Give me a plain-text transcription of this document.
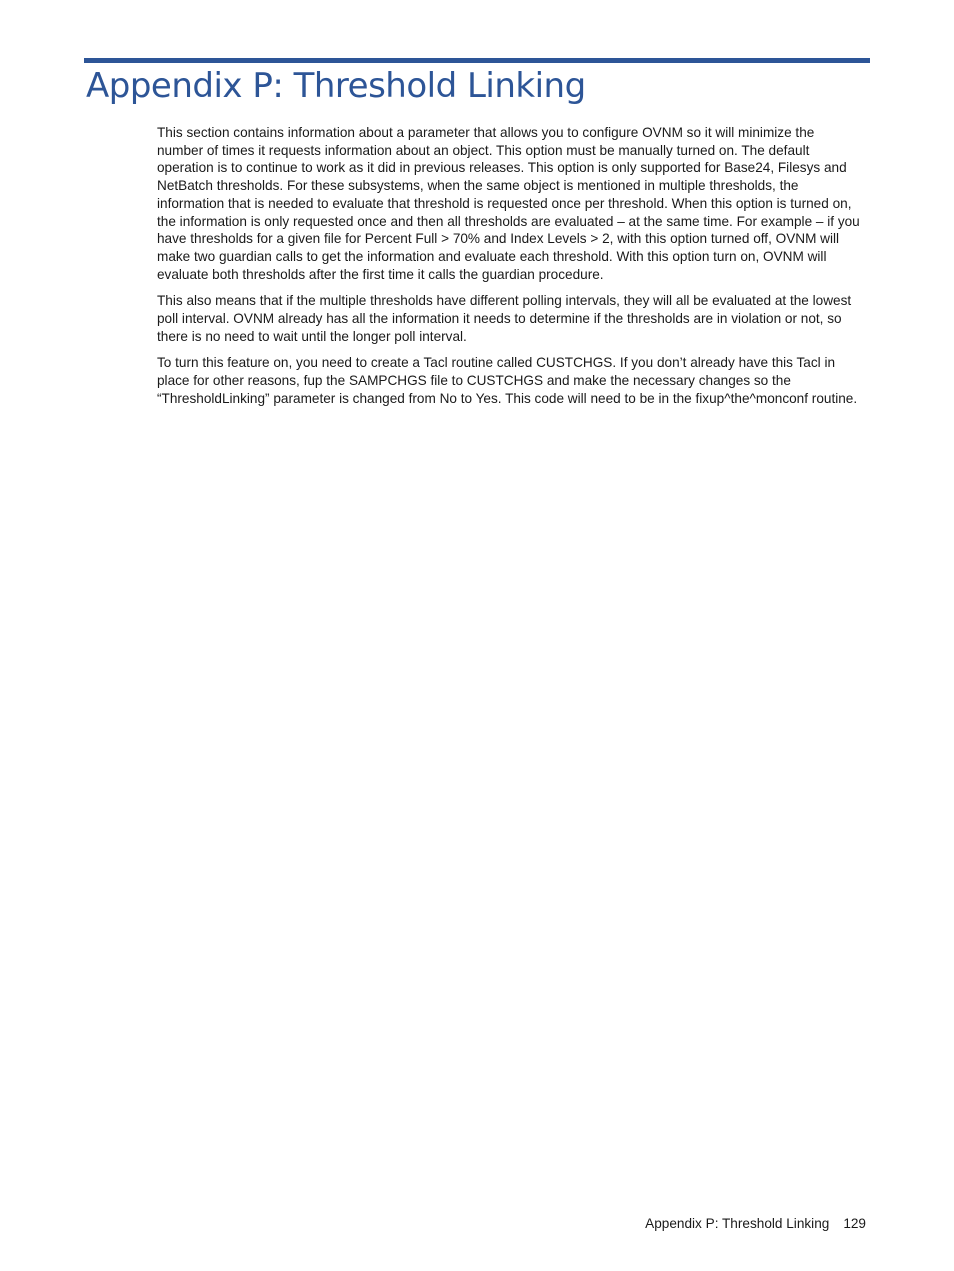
Appendix P: Threshold Linking

This section contains information about a parameter that allows you to configure OVNM so it will minimize the number of times it requests information about an object. This option must be manually turned on. The default operation is to continue to work as it did in previous releases. This option is only supported for Base24, Filesys and NetBatch thresholds. For these subsystems, when the same object is mentioned in multiple thresholds, the information that is needed to evaluate that threshold is requested once per threshold. When this option is turned on, the information is only requested once and then all thresholds are evaluated – at the same time. For example – if you have thresholds for a given file for Percent Full > 70% and Index Levels > 2, with this option turned off, OVNM will make two guardian calls to get the information and evaluate each threshold. With this option turn on, OVNM will evaluate both thresholds after the first time it calls the guardian procedure.

This also means that if the multiple thresholds have different polling intervals, they will all be evaluated at the lowest poll interval. OVNM already has all the information it needs to determine if the thresholds are in violation or not, so there is no need to wait until the longer poll interval.

To turn this feature on, you need to create a Tacl routine called CUSTCHGS. If you don’t already have this Tacl in place for other reasons, fup the SAMPCHGS file to CUSTCHGS and make the necessary changes so the “ThresholdLinking” parameter is changed from No to Yes. This code will need to be in the fixup^the^monconf routine.

Appendix P: Threshold Linking 129
